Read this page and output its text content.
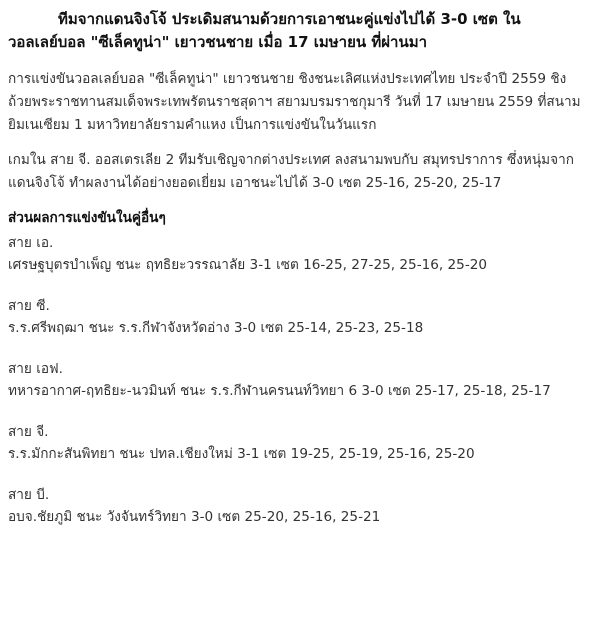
ทีมจากแดนจิงโจ้ ประเดิมสนามด้วยการเอาชนะคู่แข่งไปได้ 3-0 เซต ในวอลเลย์บอล "ซีเล็คทูน่า" เยาวชนชาย เมื่อ 17 เมษายน ที่ผ่านมา

การแข่งขันวอลเลย์บอล "ซีเล็คทูน่า" เยาวชนชาย ชิงชนะเลิศแห่งประเทศไทย ประจำปี 2559 ชิงถ้วยพระราชทานสมเด็จพระเทพรัตนราชสุดาฯ สยามบรมราชกุมารี วันที่ 17 เมษายน 2559 ที่สนามยิมเนเซียม 1 มหาวิทยาลัยรามคำแหง เป็นการแข่งขันในวันแรก

เกมใน สาย จี. ออสเตรเลีย 2 ทีมรับเชิญจากต่างประเทศ ลงสนามพบกับ สมุทรปราการ ซึ่งหนุ่มจากแดนจิงโจ้ ทำผลงานได้อย่างยอดเยี่ยม เอาชนะไปได้ 3-0 เซต 25-16, 25-20, 25-17

ส่วนผลการแข่งขันในคู่อื่นๆ

สาย เอ.

เศรษฐบุตรบำเพ็ญ ชนะ ฤทธิยะวรรณาลัย 3-1 เซต 16-25, 27-25, 25-16, 25-20

สาย ซี.

ร.ร.ศรีพฤฒา ชนะ ร.ร.กีฬาจังหวัดอ่าง 3-0 เซต 25-14, 25-23, 25-18

สาย เอฟ.

ทหารอากาศ-ฤทธิยะ-นวมินท์ ชนะ ร.ร.กีฬานครนนท์วิทยา 6 3-0 เซต 25-17, 25-18, 25-17

สาย จี.

ร.ร.มักกะสันพิทยา ชนะ ปทล.เชียงใหม่ 3-1 เซต 19-25, 25-19, 25-16, 25-20

สาย บี.

อบจ.ชัยภูมิ ชนะ วังจันทร์วิทยา 3-0 เซต 25-20, 25-16, 25-21
